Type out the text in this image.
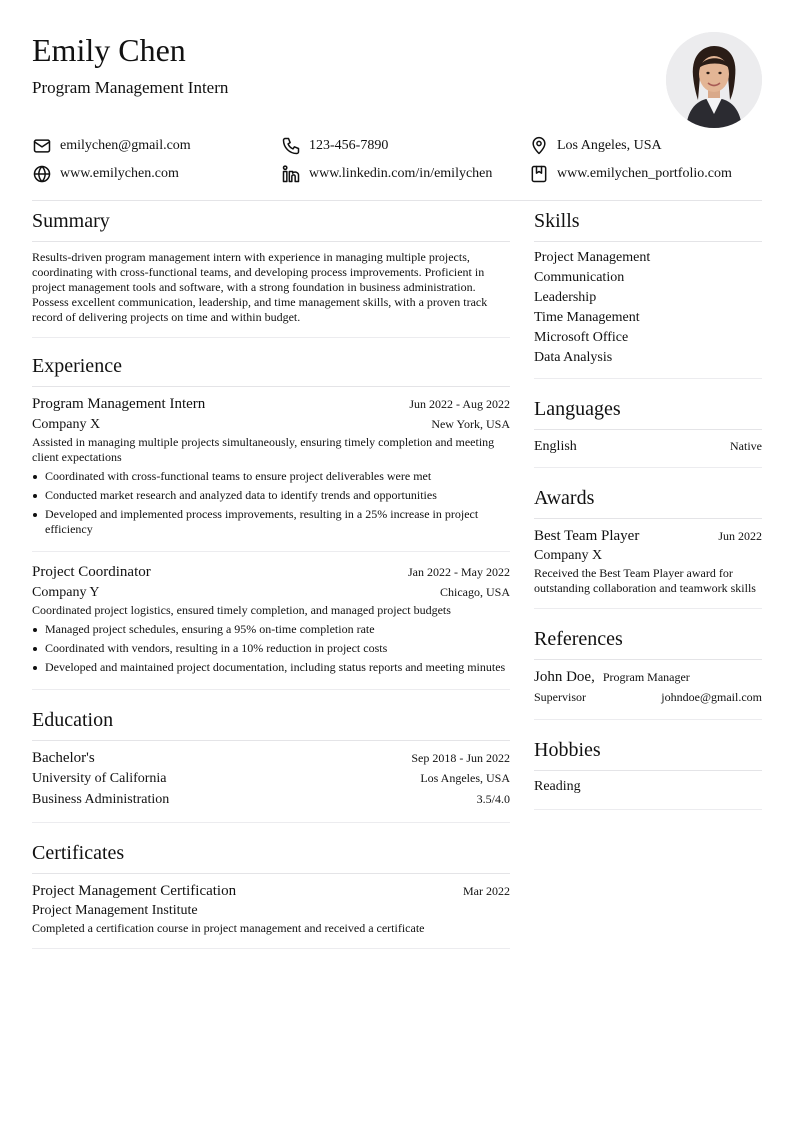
Emily Chen
Program Management Intern
emilychen@gmail.com	123-456-7890	Los Angeles, USA
www.emilychen.com	www.linkedin.com/in/emilychen	www.emilychen_portfolio.com
Summary
Results-driven program management intern with experience in managing multiple projects, coordinating with cross-functional teams, and developing process improvements. Proficient in project management tools and software, with a strong foundation in business administration. Possess excellent communication, leadership, and time management skills, with a proven track record of delivering projects on time and within budget.
Experience
Program Management Intern	Jun 2022 - Aug 2022
Company X	New York, USA
Assisted in managing multiple projects simultaneously, ensuring timely completion and meeting client expectations
Coordinated with cross-functional teams to ensure project deliverables were met
Conducted market research and analyzed data to identify trends and opportunities
Developed and implemented process improvements, resulting in a 25% increase in project efficiency
Project Coordinator	Jan 2022 - May 2022
Company Y	Chicago, USA
Coordinated project logistics, ensured timely completion, and managed project budgets
Managed project schedules, ensuring a 95% on-time completion rate
Coordinated with vendors, resulting in a 10% reduction in project costs
Developed and maintained project documentation, including status reports and meeting minutes
Education
Bachelor's	Sep 2018 - Jun 2022
University of California	Los Angeles, USA
Business Administration	3.5/4.0
Certificates
Project Management Certification	Mar 2022
Project Management Institute
Completed a certification course in project management and received a certificate
Skills
Project Management
Communication
Leadership
Time Management
Microsoft Office
Data Analysis
Languages
English	Native
Awards
Best Team Player	Jun 2022
Company X
Received the Best Team Player award for outstanding collaboration and teamwork skills
References
John Doe, Program Manager
Supervisor	johndoe@gmail.com
Hobbies
Reading
